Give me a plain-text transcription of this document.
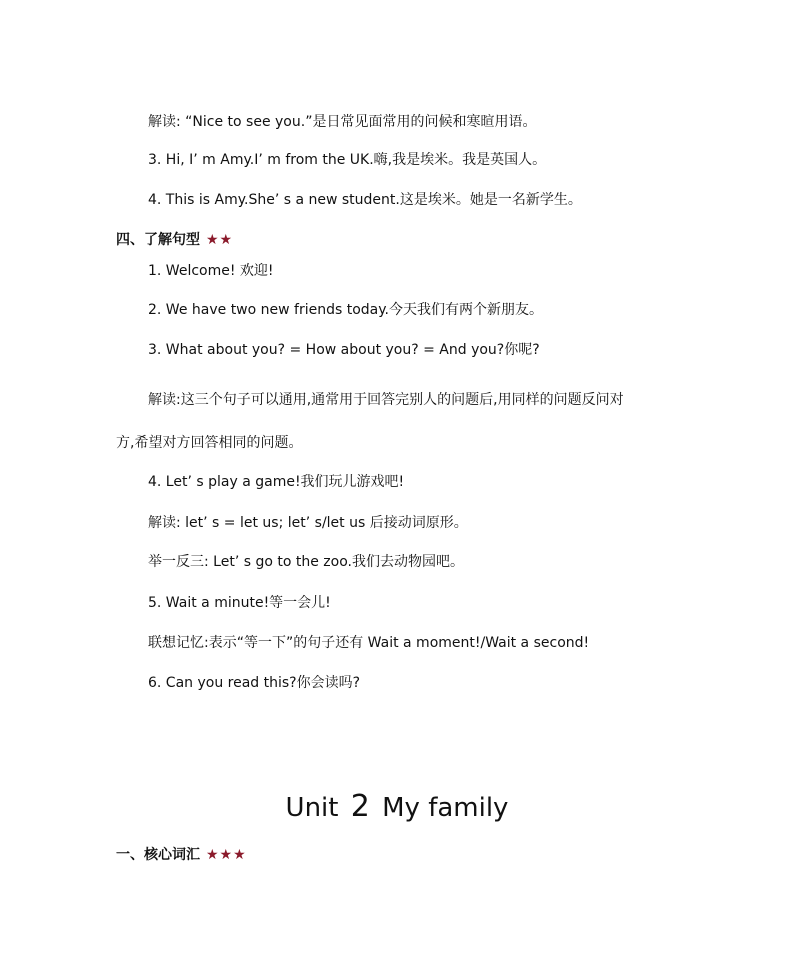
解读: “Nice to see you.”是日常见面常用的问候和寒暄用语。
3. Hi, I’ m Amy.I’ m from the UK.嗨,我是埃米。我是英国人。
4. This is Amy.She’ s a new student.这是埃米。她是一名新学生。
四、了解句型 ★★
1. Welcome! 欢迎!
2. We have two new friends today.今天我们有两个新朋友。
3. What about you? = How about you? = And you?你呢?
解读:这三个句子可以通用,通常用于回答完别人的问题后,用同样的问题反问对
方,希望对方回答相同的问题。
4. Let’ s play a game!我们玩儿游戏吧!
解读: let’ s = let us; let’ s/let us 后接动词原形。
举一反三: Let’ s go to the zoo.我们去动物园吧。
5. Wait a minute!等一会儿!
联想记忆:表示“等一下”的句子还有 Wait a moment!/Wait a second!
6. Can you read this?你会读吗?
Unit 2 My family
一、核心词汇 ★★★
